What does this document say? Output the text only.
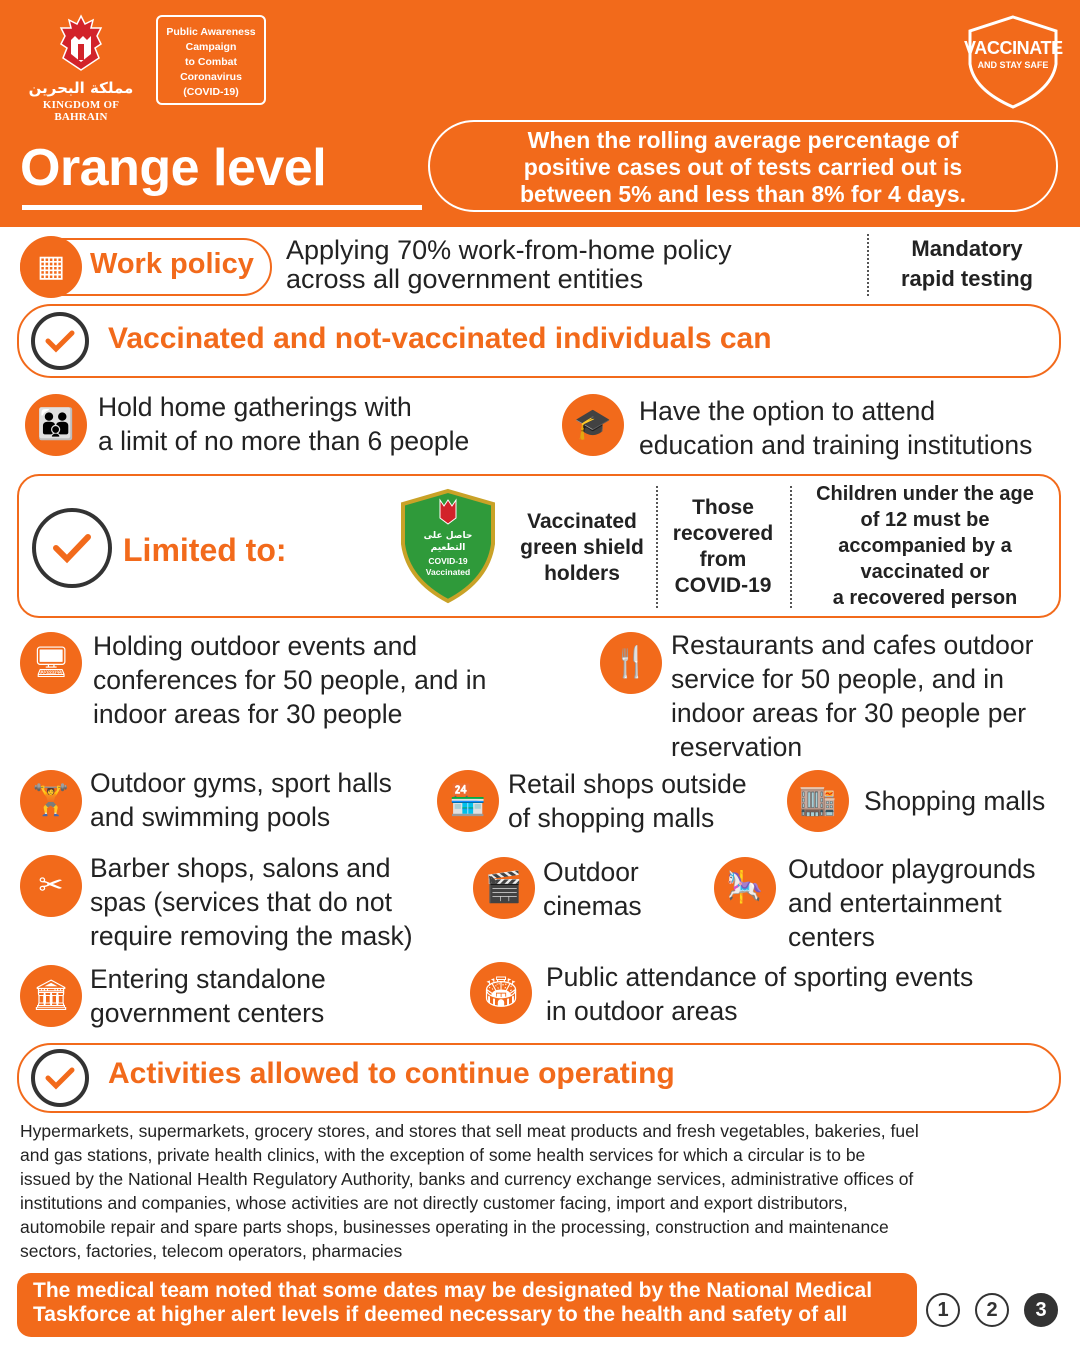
مملكة البحرين
KINGDOM OF BAHRAIN
Public Awareness
Campaign
to Combat
Coronavirus
(COVID-19)
VACCINATE
AND STAY SAFE
Orange level	When the rolling average percentage of
positive cases out of tests carried out is
between 5% and less than 8% for 4 days.
▦ Work policy Applying 70% work-from-home policy
across all government entities
Mandatory
rapid testing
Vaccinated and not-vaccinated individuals can
👪 Hold home gatherings with
a limit of no more than 6 people	🎓 Have the option to attend
education and training institutions
Limited to:	حاصل على
التطعيم
COVID-19
Vaccinated
Vaccinated
green shield
holders
Those
recovered
from
COVID-19
Children under the age
of 12 must be
accompanied by a
vaccinated or
a recovered person
🖥 Holding outdoor events and
conferences for 50 people, and in
indoor areas for 30 people
🍴 Restaurants and cafes outdoor
service for 50 people, and in
indoor areas for 30 people per
reservation
🏋 Outdoor gyms, sport halls
and swimming pools	🏪 Retail shops outside
of shopping malls	🏬 Shopping malls
✂ Barber shops, salons and
spas (services that do not
require removing the mask)
🎬 Outdoor
cinemas
🎠
Outdoor playgrounds
and entertainment
centers
🏛 Entering standalone
government centers
🏟 Public attendance of sporting events
in outdoor areas
Activities allowed to continue operating
Hypermarkets, supermarkets, grocery stores, and stores that sell meat products and fresh vegetables, bakeries, fuel
and gas stations, private health clinics, with the exception of some health services for which a circular is to be
issued by the National Health Regulatory Authority, banks and currency exchange services, administrative offices of
institutions and companies, whose activities are not directly customer facing, import and export distributors,
automobile repair and spare parts shops, businesses operating in the processing, construction and maintenance
sectors, factories, telecom operators, pharmacies
The medical team noted that some dates may be designated by the National Medical
Taskforce at higher alert levels if deemed necessary to the health and safety of all	1	2	3
